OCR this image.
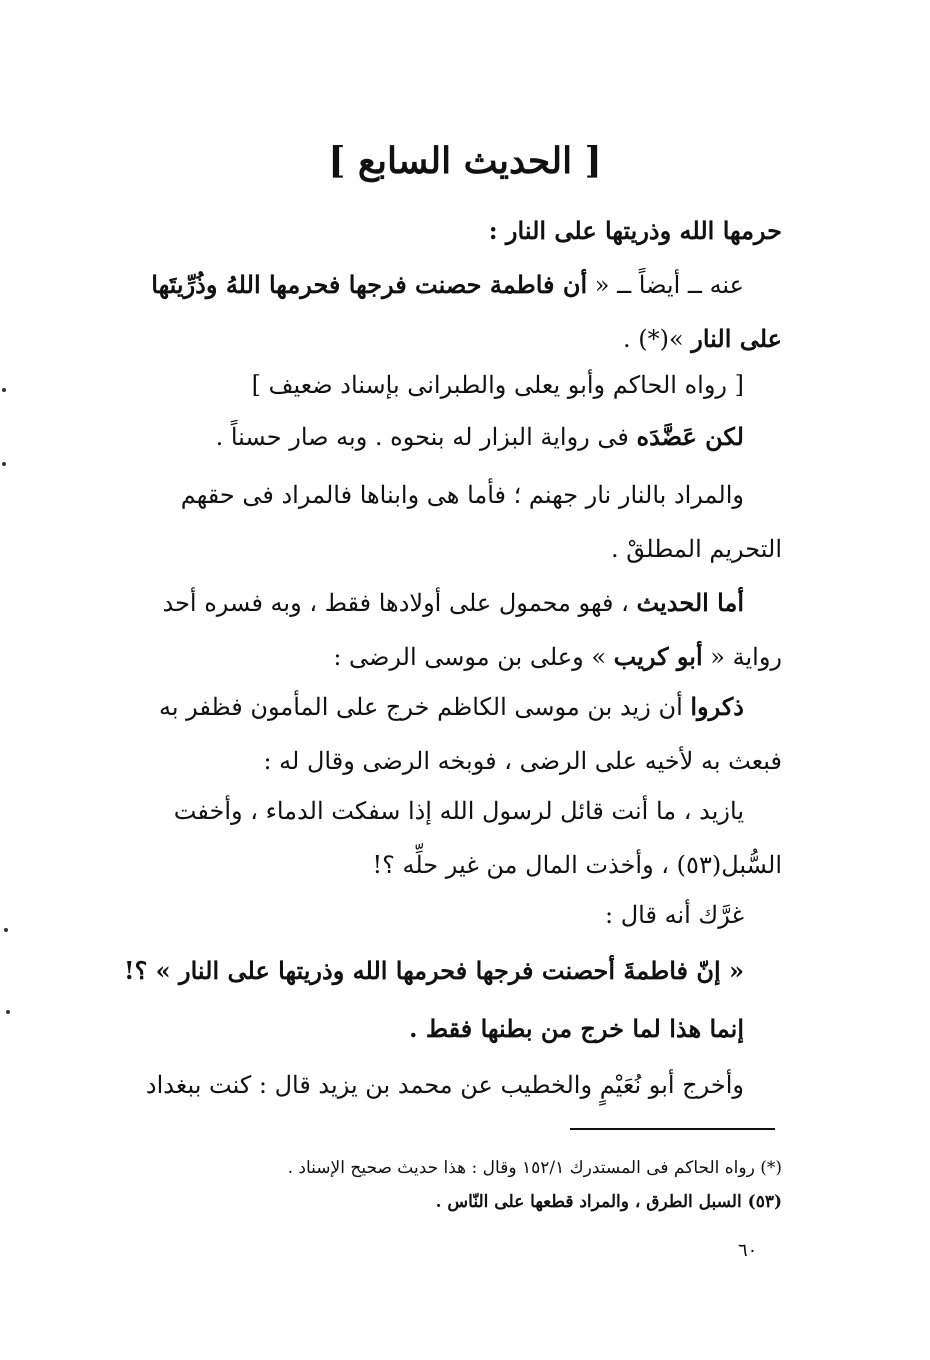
[ الحديث السابع ]
حرمها الله وذريتها على النار :
عنه ــ أيضاً ــ « أن فاطمة حصنت فرجها فحرمها اللهُ وذُرِّيتَها على النار »(*) .
[ رواه الحاكم وأبو يعلى والطبرانى بإسناد ضعيف ]
لكن عَضَّدَه فى رواية البزار له بنحوه . وبه صار حسناً .
والمراد بالنار نار جهنم ؛ فأما هى وابناها فالمراد فى حقهم التحريم المطلقْ .
أما الحديث ، فهو محمول على أولادها فقط ، وبه فسره أحد رواية « أبو كريب » وعلى بن موسى الرضى :
ذكروا أن زيد بن موسى الكاظم خرج على المأمون فظفر به فبعث به لأخيه على الرضى ، فوبخه الرضى وقال له :
يازيد ، ما أنت قائل لرسول الله إذا سفكت الدماء ، وأخفت السُّبل(٥٣) ، وأخذت المال من غير حلِّه ؟!
غرَّك أنه قال :
« إنّ فاطمةَ أحصنت فرجها فحرمها الله وذريتها على النار » ؟!
إنما هذا لما خرج من بطنها فقط .
وأخرج أبو نُعَيْمٍ والخطيب عن محمد بن يزيد قال : كنت ببغداد
(*) رواه الحاكم فى المستدرك ١٥٢/١ وقال : هذا حديث صحيح الإسناد .
(٥٣) السبل الطرق ، والمراد قطعها على النّاس .
٦٠
